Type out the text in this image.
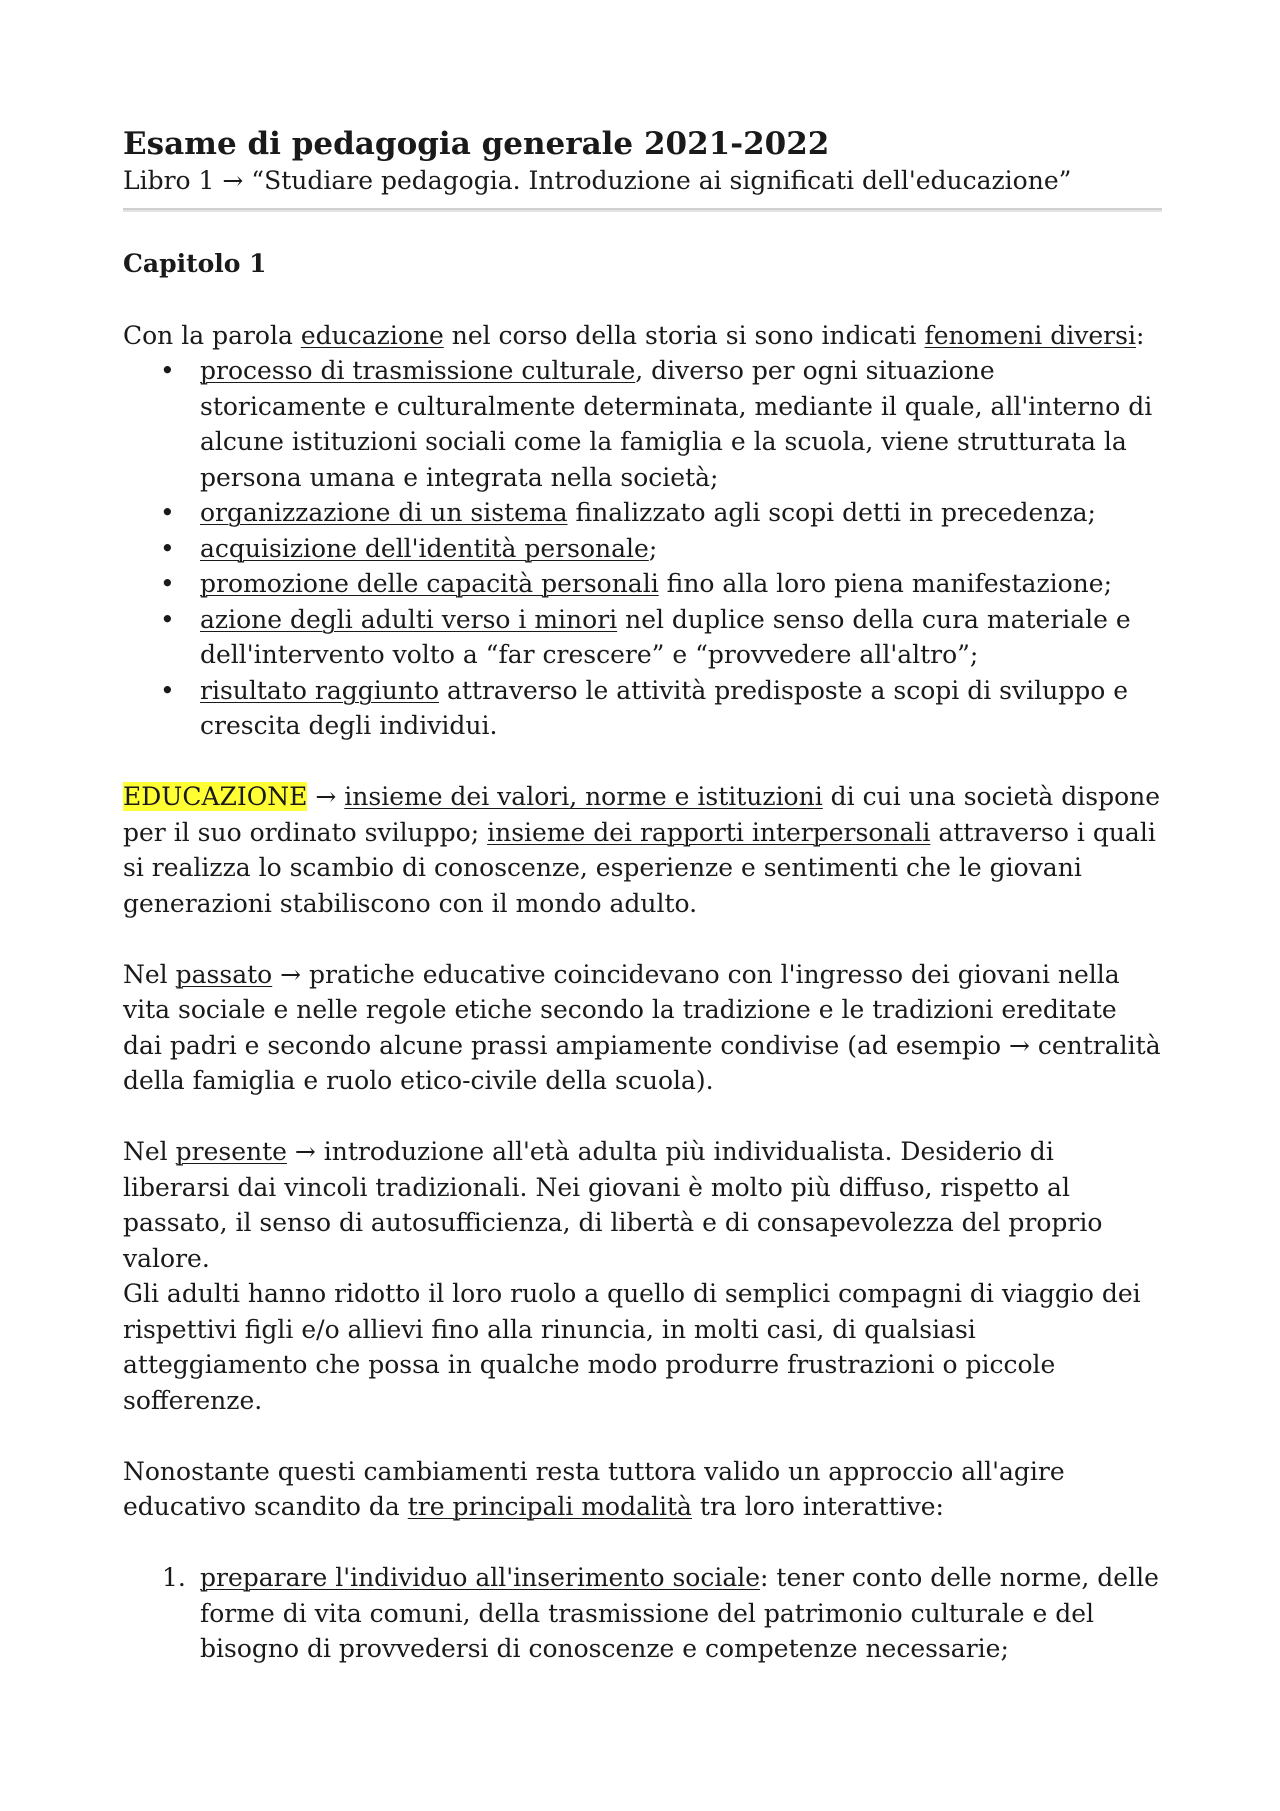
Esame di pedagogia generale 2021-2022
Libro 1 → “Studiare pedagogia. Introduzione ai significati dell'educazione”
Capitolo 1

Con la parola educazione nel corso della storia si sono indicati fenomeni diversi:

• processo di trasmissione culturale, diverso per ogni situazione storicamente e culturalmente determinata, mediante il quale, all'interno di alcune istituzioni sociali come la famiglia e la scuola, viene strutturata la persona umana e integrata nella società;
• organizzazione di un sistema finalizzato agli scopi detti in precedenza;
• acquisizione dell'identità personale;
• promozione delle capacità personali fino alla loro piena manifestazione;
• azione degli adulti verso i minori nel duplice senso della cura materiale e dell'intervento volto a “far crescere” e “provvedere all'altro”;
• risultato raggiunto attraverso le attività predisposte a scopi di sviluppo e crescita degli individui.

EDUCAZIONE → insieme dei valori, norme e istituzioni di cui una società dispone per il suo ordinato sviluppo; insieme dei rapporti interpersonali attraverso i quali si realizza lo scambio di conoscenze, esperienze e sentimenti che le giovani generazioni stabiliscono con il mondo adulto.

Nel passato → pratiche educative coincidevano con l'ingresso dei giovani nella vita sociale e nelle regole etiche secondo la tradizione e le tradizioni ereditate dai padri e secondo alcune prassi ampiamente condivise (ad esempio → centralità della famiglia e ruolo etico-civile della scuola).

Nel presente → introduzione all'età adulta più individualista. Desiderio di liberarsi dai vincoli tradizionali. Nei giovani è molto più diffuso, rispetto al passato, il senso di autosufficienza, di libertà e di consapevolezza del proprio valore.

Gli adulti hanno ridotto il loro ruolo a quello di semplici compagni di viaggio dei rispettivi figli e/o allievi fino alla rinuncia, in molti casi, di qualsiasi atteggiamento che possa in qualche modo produrre frustrazioni o piccole sofferenze.

Nonostante questi cambiamenti resta tuttora valido un approccio all'agire educativo scandito da tre principali modalità tra loro interattive:

1. preparare l'individuo all'inserimento sociale: tener conto delle norme, delle forme di vita comuni, della trasmissione del patrimonio culturale e del bisogno di provvedersi di conoscenze e competenze necessarie;
